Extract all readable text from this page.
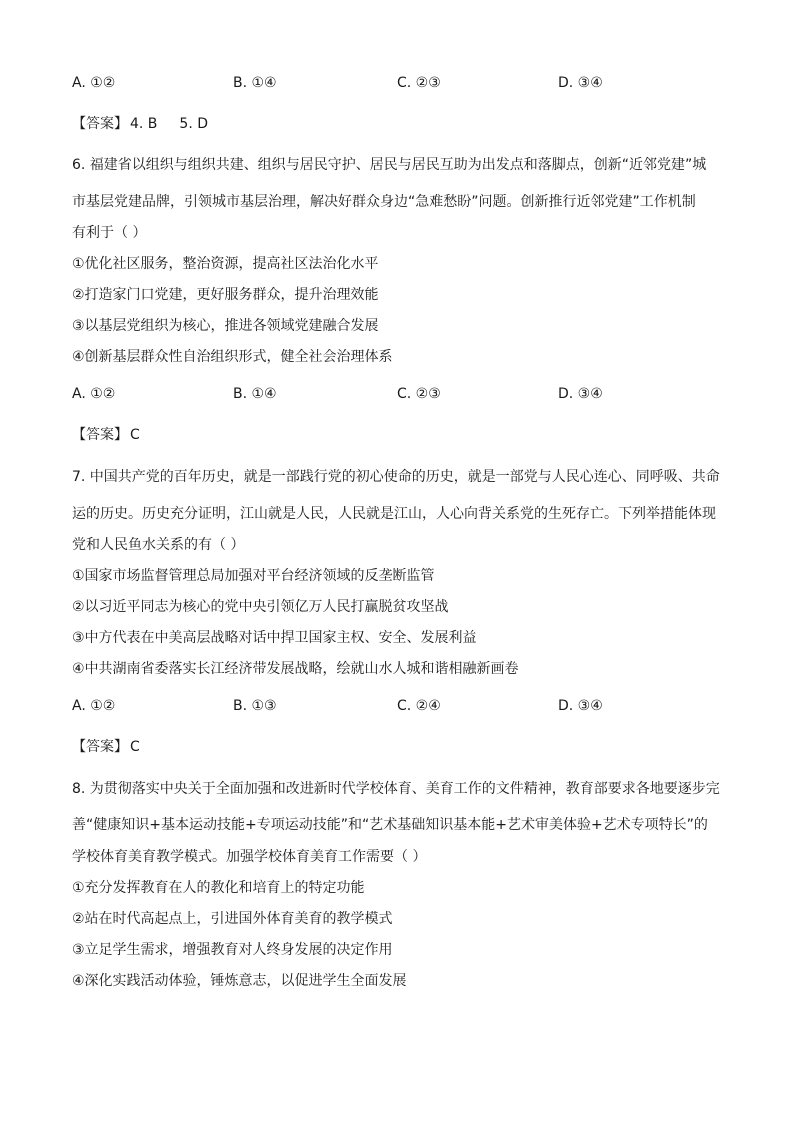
A. ①②	B. ①④	C. ②③	D. ③④
【答案】 4. B 5. D
6. 福建省以组织与组织共建、组织与居民守护、居民与居民互助为出发点和落脚点，创新“近邻党建”城
市基层党建品牌，引领城市基层治理，解决好群众身边“急难愁盼”问题。创新推行近邻党建”工作机制
有利于（ ）
①优化社区服务，整治资源，提高社区法治化水平
②打造家门口党建，更好服务群众，提升治理效能
③以基层党组织为核心，推进各领域党建融合发展
④创新基层群众性自治组织形式，健全社会治理体系
A. ①②	B. ①④	C. ②③	D. ③④
【答案】 C
7. 中国共产党的百年历史，就是一部践行党的初心使命的历史，就是一部党与人民心连心、同呼吸、共命
运的历史。历史充分证明，江山就是人民，人民就是江山，人心向背关系党的生死存亡。下列举措能体现
党和人民鱼水关系的有（ ）
①国家市场监督管理总局加强对平台经济领域的反垄断监管
②以习近平同志为核心的党中央引领亿万人民打赢脱贫攻坚战
③中方代表在中美高层战略对话中捍卫国家主权、安全、发展利益
④中共湖南省委落实长江经济带发展战略，绘就山水人城和谐相融新画卷
A. ①②	B. ①③	C. ②④	D. ③④
【答案】 C
8. 为贯彻落实中央关于全面加强和改进新时代学校体育、美育工作的文件精神，教育部要求各地要逐步完
善“健康知识+基本运动技能+专项运动技能”和“艺术基础知识基本能+艺术审美体验+艺术专项特长”的
学校体育美育教学模式。加强学校体育美育工作需要（ ）
①充分发挥教育在人的教化和培育上的特定功能
②站在时代高起点上，引进国外体育美育的教学模式
③立足学生需求，增强教育对人终身发展的决定作用
④深化实践活动体验，锤炼意志，以促进学生全面发展
